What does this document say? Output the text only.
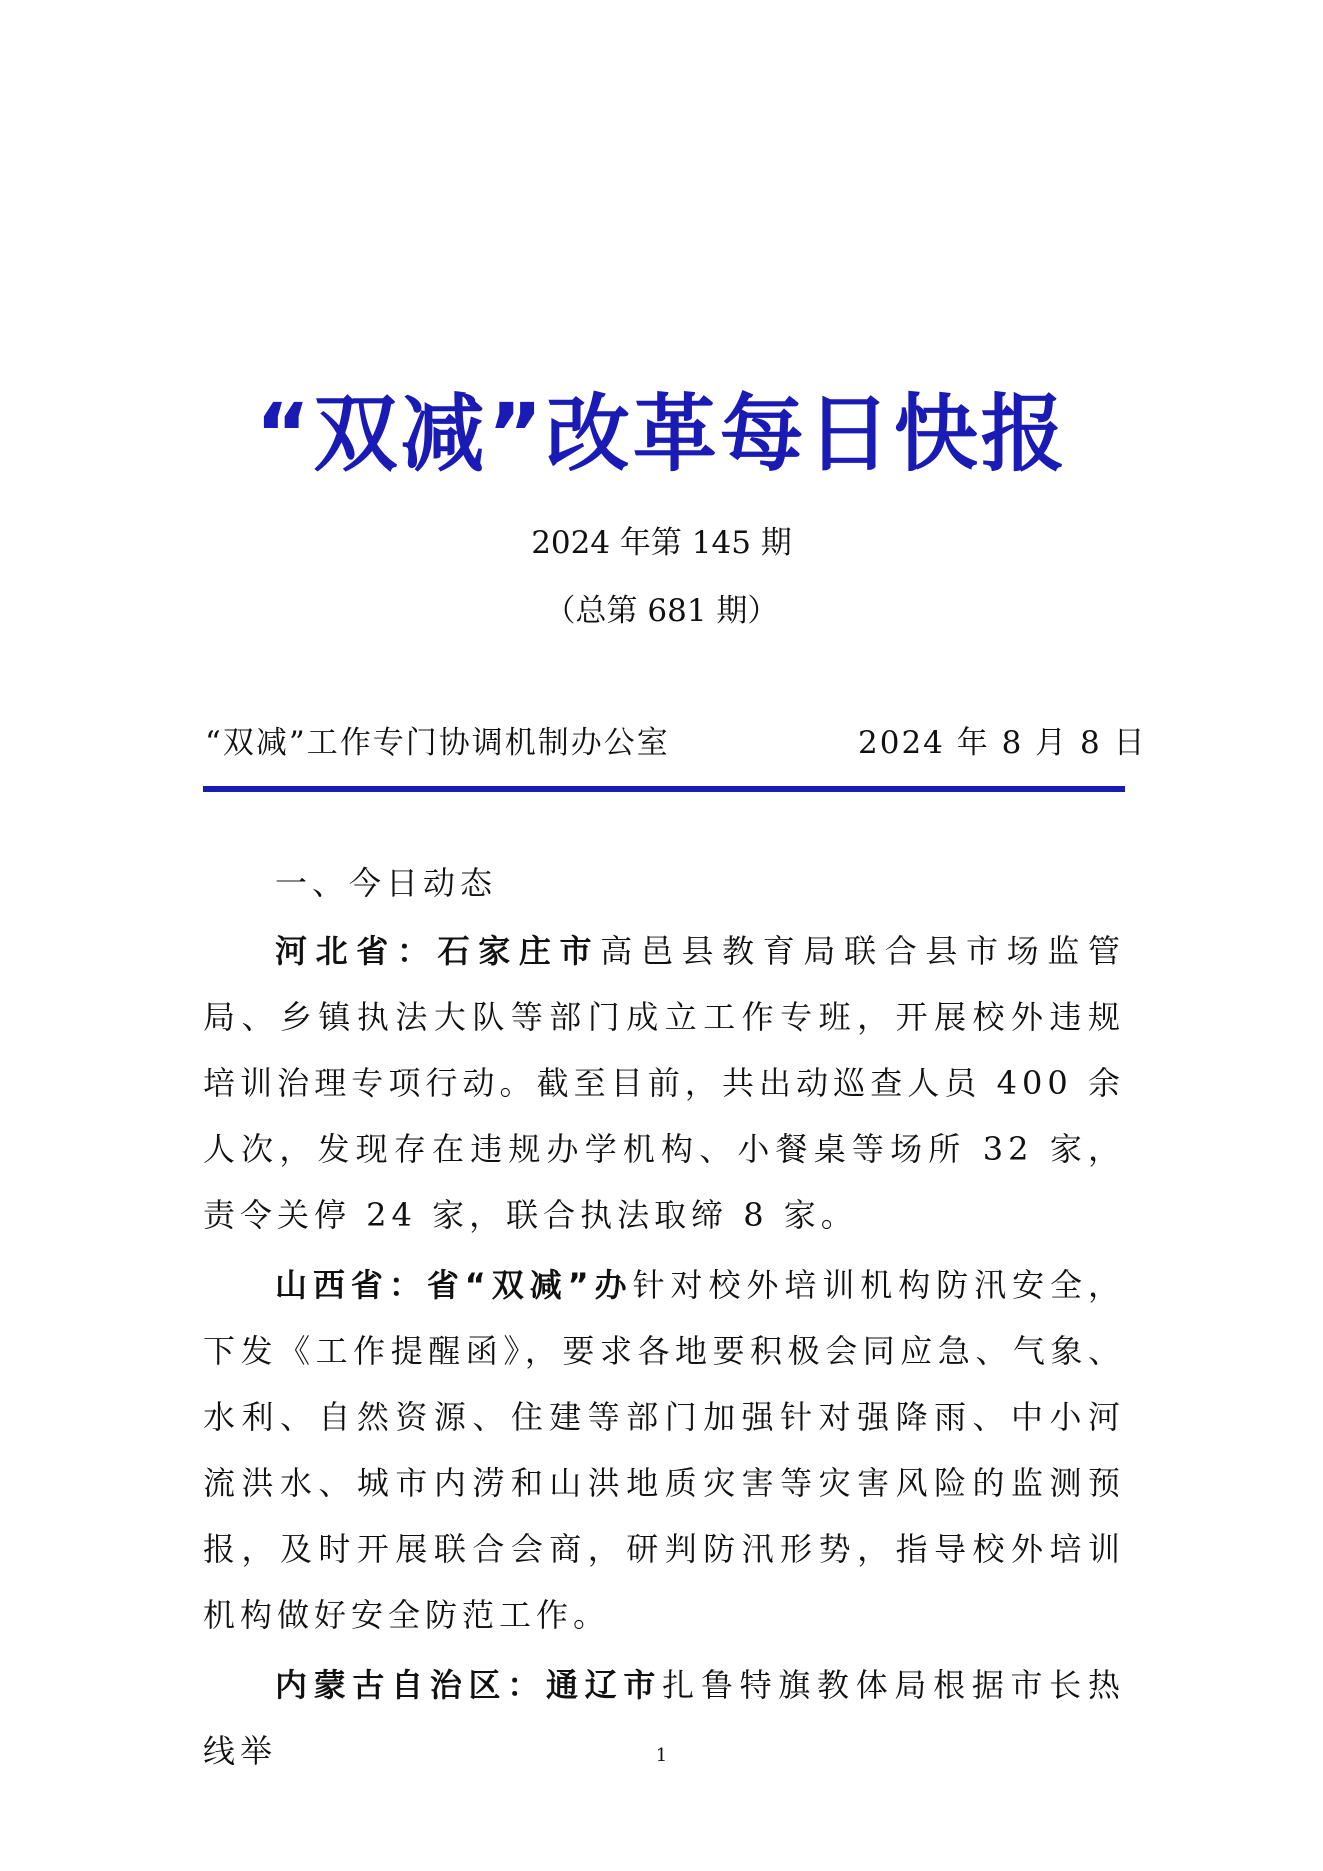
“双减”改革每日快报
2024 年第 145 期
（总第 681 期）
“双减”工作专门协调机制办公室	2024 年 8 月 8 日

一、今日动态

河北省：石家庄市高邑县教育局联合县市场监管局、乡镇执法大队等部门成立工作专班，开展校外违规培训治理专项行动。截至目前，共出动巡查人员 400 余人次，发现存在违规办学机构、小餐桌等场所 32 家，责令关停 24 家，联合执法取缔 8 家。

山西省：省“双减”办针对校外培训机构防汛安全，下发《工作提醒函》，要求各地要积极会同应急、气象、水利、自然资源、住建等部门加强针对强降雨、中小河流洪水、城市内涝和山洪地质灾害等灾害风险的监测预报，及时开展联合会商，研判防汛形势，指导校外培训机构做好安全防范工作。

内蒙古自治区：通辽市扎鲁特旗教体局根据市长热线举	1
